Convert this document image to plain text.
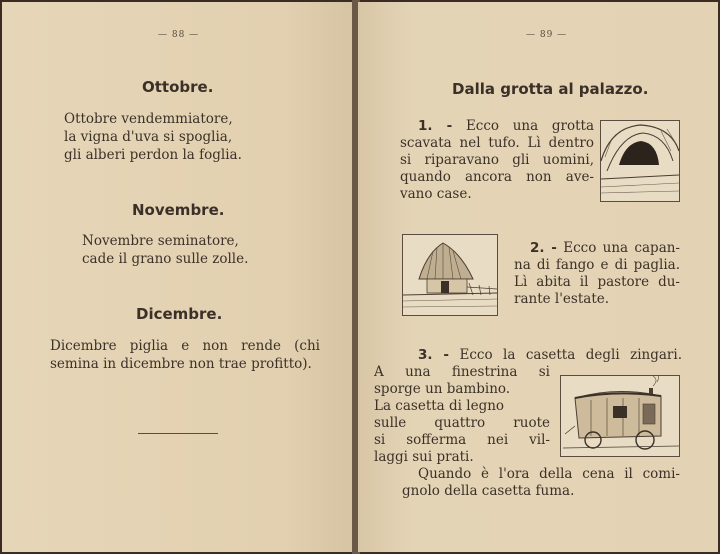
— 88 —
Ottobre.
Ottobre vendemmiatore,
la vigna d'uva si spoglia,
gli alberi perdon la foglia.
Novembre.
Novembre seminatore,
cade il grano sulle zolle.
Dicembre.
Dicembre piglia e non rende (chi
semina in dicembre non trae profitto).
— 89 —
Dalla grotta al palazzo.
1. - Ecco una grotta
scavata nel tufo. Lì dentro
si riparavano gli uomini,
quando ancora non ave-
vano case.
2. - Ecco una capan-
na di fango e di paglia.
Lì abita il pastore du-
rante l'estate.
3. - Ecco la casetta degli zingari.
A una finestrina si
sporge un bambino.
La casetta di legno
sulle quattro ruote
si sofferma nei vil-
laggi sui prati.
Quando è l'ora della cena il comi-
gnolo della casetta fuma.
